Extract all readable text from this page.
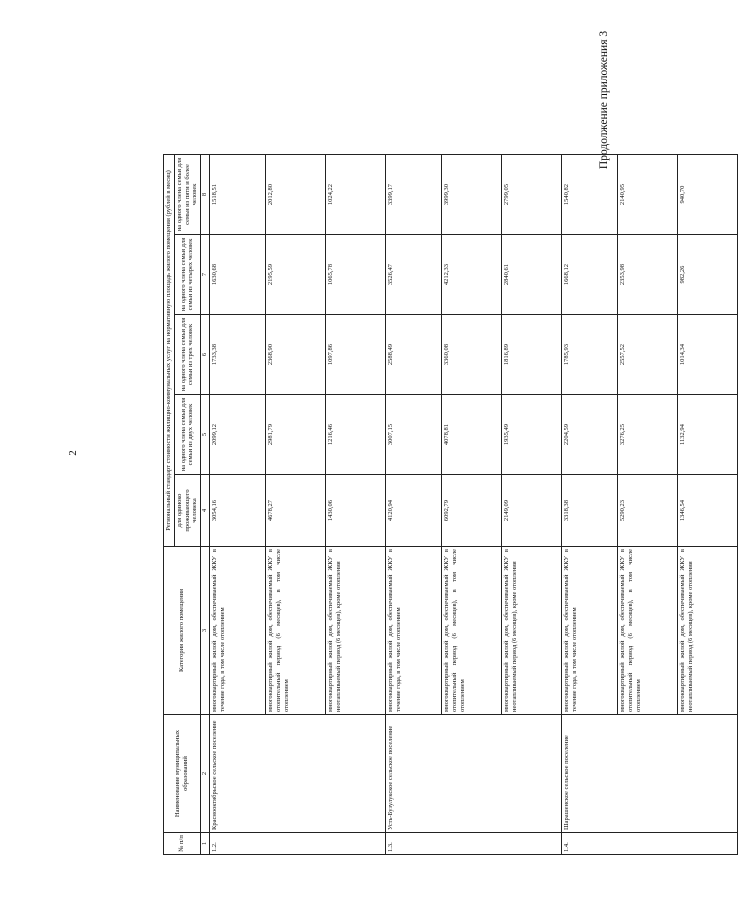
2
Продолжение приложения 3
№ п/п	Наименование муниципальных образований	Категория жилого помещения	Региональный стандарт стоимости жилищно-коммунальных услуг на нормативную площадь жилого помещения (рублей в месяц)				
			для одиноко проживающего человека	на одного члена семьи для семьи из двух человек	на одного члена семьи для семьи из трех человек	на одного члена семьи для семьи из четырех человек	на одного члена семьи для семьи из пяти и более человек
1	2	3	4	5	6	7	8
1.2.	Краснооктябрьское сельское поселение	многоквартирный жилой дом, обеспечиваемый ЖКУ в течение года, в том числе отоплением	3054,16	2099,12	1733,38	1630,68	1518,51
		многоквартирный жилой дом, обеспечиваемый ЖКУ в отопительный период (6 месяцев), в том числе отоплением	4678,27	2981,79	2368,90	2195,59	2012,80
		многоквартирный жилой дом, обеспечиваемый ЖКУ в неотапливаемый период (6 месяцев), кроме отопления	1430,06	1216,46	1097,86	1065,78	1024,22
1.3.	Усть-Бузулукское сельское поселение	многоквартирный жилой дом, обеспечиваемый ЖКУ в течение года, в том числе отоплением	4120,94	3007,15	2588,49	3526,47	3399,17
		многоквартирный жилой дом, обеспечиваемый ЖКУ в отопительный период (6 месяцев), в том числе отоплением	6092,79	4078,81	3360,08	4212,33	3999,30
		многоквартирный жилой дом, обеспечиваемый ЖКУ в неотапливаемый период (6 месяцев), кроме отопления	2149,09	1935,49	1816,89	2840,61	2799,05
1.4.	Шарашенское сельское поселение	многоквартирный жилой дом, обеспечиваемый ЖКУ в течение года, в том числе отоплением	3318,38	2204,59	1785,93	1668,12	1540,82
		многоквартирный жилой дом, обеспечиваемый ЖКУ в отопительный период (6 месяцев), в том числе отоплением	5290,23	3276,25	2557,52	2353,98	2140,95
		многоквартирный жилой дом, обеспечиваемый ЖКУ в неотапливаемый период (6 месяцев), кроме отопления	1346,54	1132,94	1014,34	982,26	940,70
